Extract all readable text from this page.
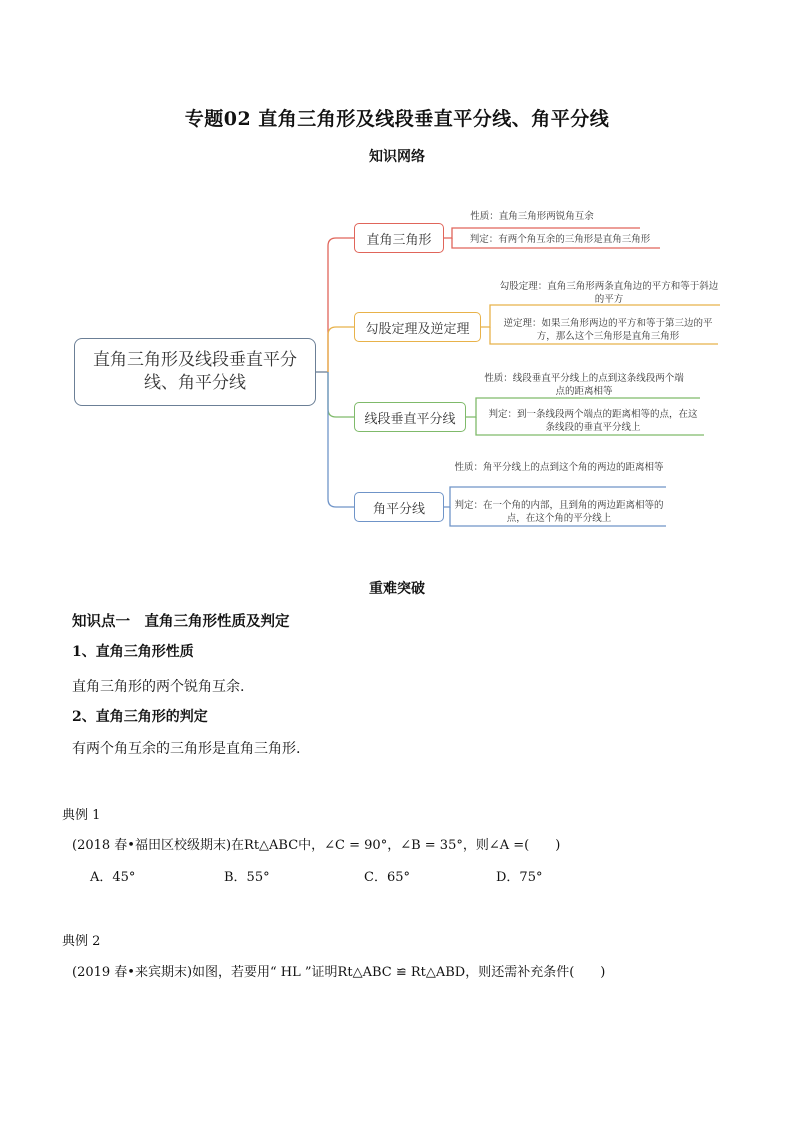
专题02 直角三角形及线段垂直平分线、角平分线
知识网络
直角三角形及线段垂直平分线、角平分线
直角三角形
勾股定理及逆定理
线段垂直平分线
角平分线
性质：直角三角形两锐角互余
判定：有两个角互余的三角形是直角三角形
勾股定理：直角三角形两条直角边的平方和等于斜边的平方
逆定理：如果三角形两边的平方和等于第三边的平方，那么这个三角形是直角三角形
性质：线段垂直平分线上的点到这条线段两个端点的距离相等
判定：到一条线段两个端点的距离相等的点，在这条线段的垂直平分线上
性质：角平分线上的点到这个角的两边的距离相等
判定：在一个角的内部，且到角的两边距离相等的点，在这个角的平分线上
重难突破
知识点一　直角三角形性质及判定
1、直角三角形性质
直角三角形的两个锐角互余.
2、直角三角形的判定
有两个角互余的三角形是直角三角形.
典例 1
(2018 春•福田区校级期末)在Rt△ABC中，∠C = 90°，∠B = 35°，则∠A =(　　)
A．45°	B．55°	C．65°	D．75°
典例 2
(2019 春•来宾期末)如图，若要用“ HL ”证明Rt△ABC ≌ Rt△ABD，则还需补充条件(　　)
